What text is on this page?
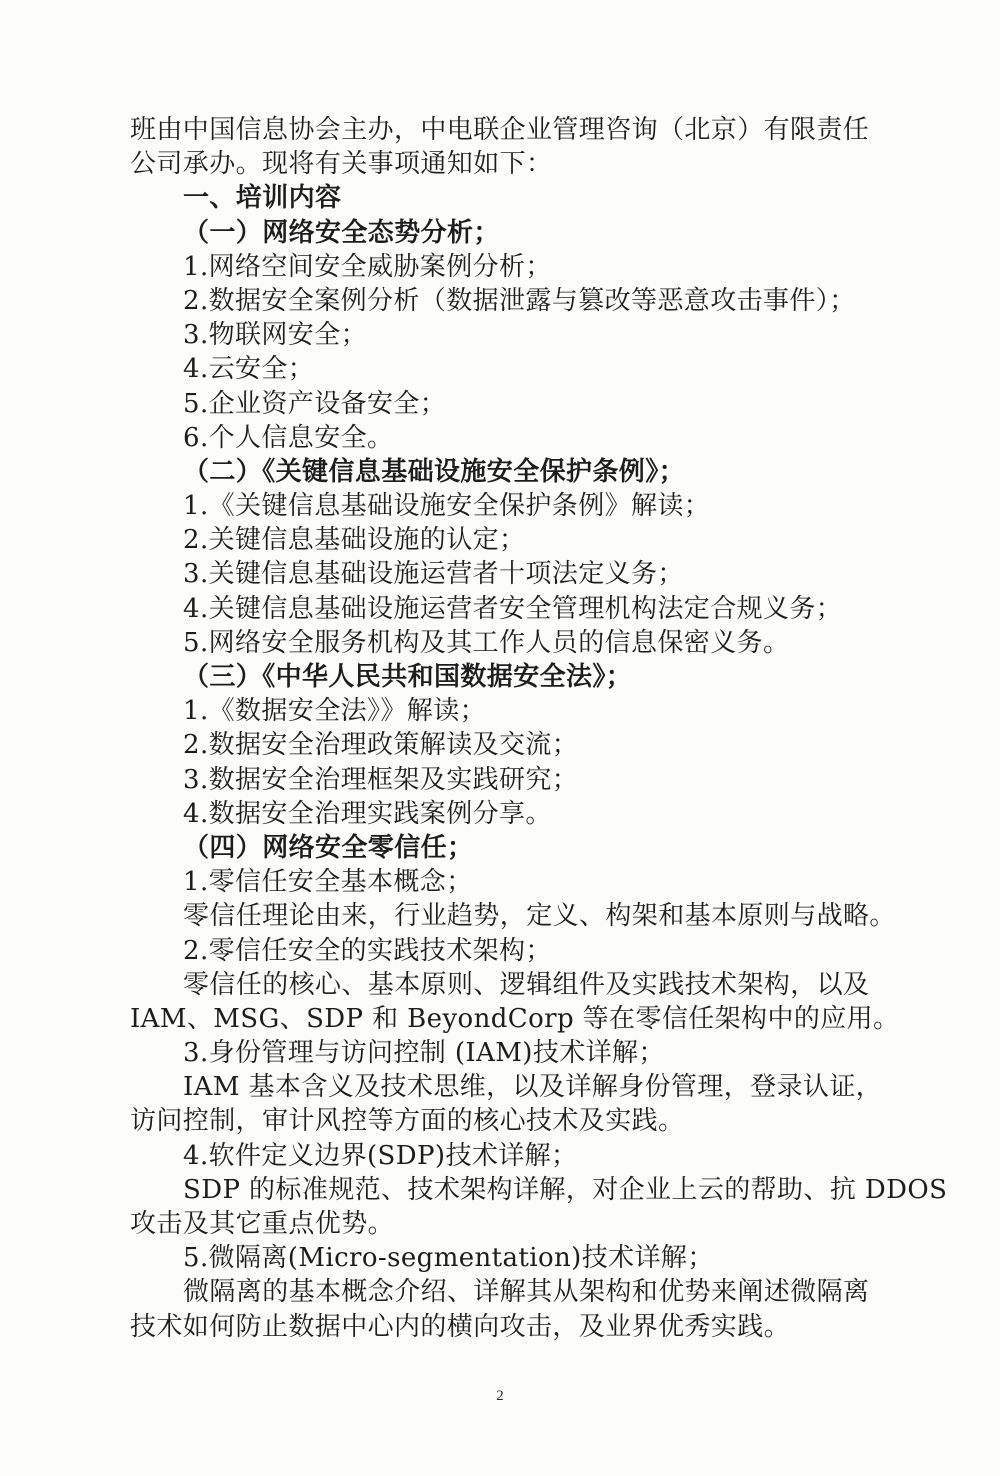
班由中国信息协会主办，中电联企业管理咨询（北京）有限责任
公司承办。现将有关事项通知如下：
一、培训内容
（一）网络安全态势分析；
1.网络空间安全威胁案例分析；
2.数据安全案例分析（数据泄露与篡改等恶意攻击事件）；
3.物联网安全；
4.云安全；
5.企业资产设备安全；
6.个人信息安全。
（二）《关键信息基础设施安全保护条例》；
1.《关键信息基础设施安全保护条例》解读；
2.关键信息基础设施的认定；
3.关键信息基础设施运营者十项法定义务；
4.关键信息基础设施运营者安全管理机构法定合规义务；
5.网络安全服务机构及其工作人员的信息保密义务。
（三）《中华人民共和国数据安全法》；
1.《数据安全法》》解读；
2.数据安全治理政策解读及交流；
3.数据安全治理框架及实践研究；
4.数据安全治理实践案例分享。
（四）网络安全零信任；
1.零信任安全基本概念；
零信任理论由来，行业趋势，定义、构架和基本原则与战略。
2.零信任安全的实践技术架构；
零信任的核心、基本原则、逻辑组件及实践技术架构，以及
IAM、MSG、SDP 和 BeyondCorp 等在零信任架构中的应用。
3.身份管理与访问控制 (IAM)技术详解；
IAM 基本含义及技术思维，以及详解身份管理，登录认证，
访问控制，审计风控等方面的核心技术及实践。
4.软件定义边界(SDP)技术详解；
SDP 的标准规范、技术架构详解，对企业上云的帮助、抗 DDOS
攻击及其它重点优势。
5.微隔离(Micro-segmentation)技术详解；
微隔离的基本概念介绍、详解其从架构和优势来阐述微隔离
技术如何防止数据中心内的横向攻击，及业界优秀实践。
2
